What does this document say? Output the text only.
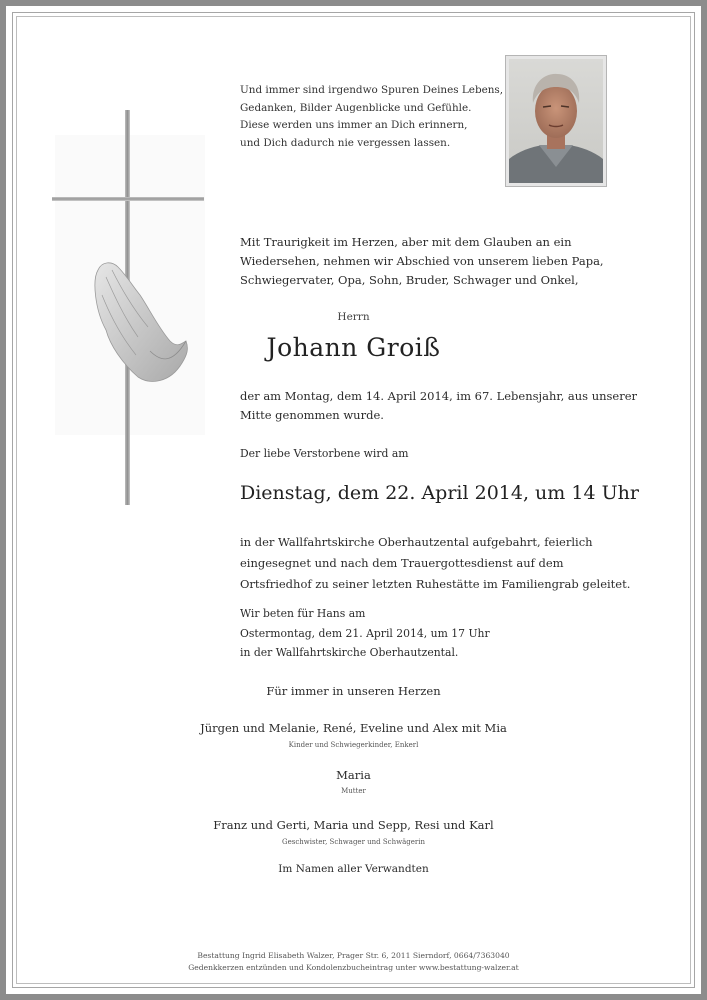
Und immer sind irgendwo Spuren Deines Lebens,
Gedanken, Bilder Augenblicke und Gefühle.
Diese werden uns immer an Dich erinnern,
und Dich dadurch nie vergessen lassen.
Mit Traurigkeit im Herzen, aber mit dem Glauben an ein
Wiedersehen, nehmen wir Abschied von unserem lieben Papa,
Schwiegervater, Opa, Sohn, Bruder, Schwager und Onkel,
Herrn
Johann Groiß
der am Montag, dem 14. April 2014, im 67. Lebensjahr, aus unserer
Mitte genommen wurde.
Der liebe Verstorbene wird am
Dienstag, dem 22. April 2014, um 14 Uhr
in der Wallfahrtskirche Oberhautzental aufgebahrt, feierlich
eingesegnet und nach dem Trauergottesdienst auf dem
Ortsfriedhof zu seiner letzten Ruhestätte im Familiengrab geleitet.
Wir beten für Hans am
Ostermontag, dem 21. April 2014, um 17 Uhr
in der Wallfahrtskirche Oberhautzental.
Für immer in unseren Herzen
Jürgen und Melanie, René, Eveline und Alex mit Mia
Kinder und Schwiegerkinder, Enkerl
Maria
Mutter
Franz und Gerti, Maria und Sepp, Resi und Karl
Geschwister, Schwager und Schwägerin
Im Namen aller Verwandten
Bestattung Ingrid Elisabeth Walzer, Prager Str. 6, 2011 Sierndorf, 0664/7363040
Gedenkkerzen entzünden und Kondolenzbucheintrag unter www.bestattung-walzer.at
